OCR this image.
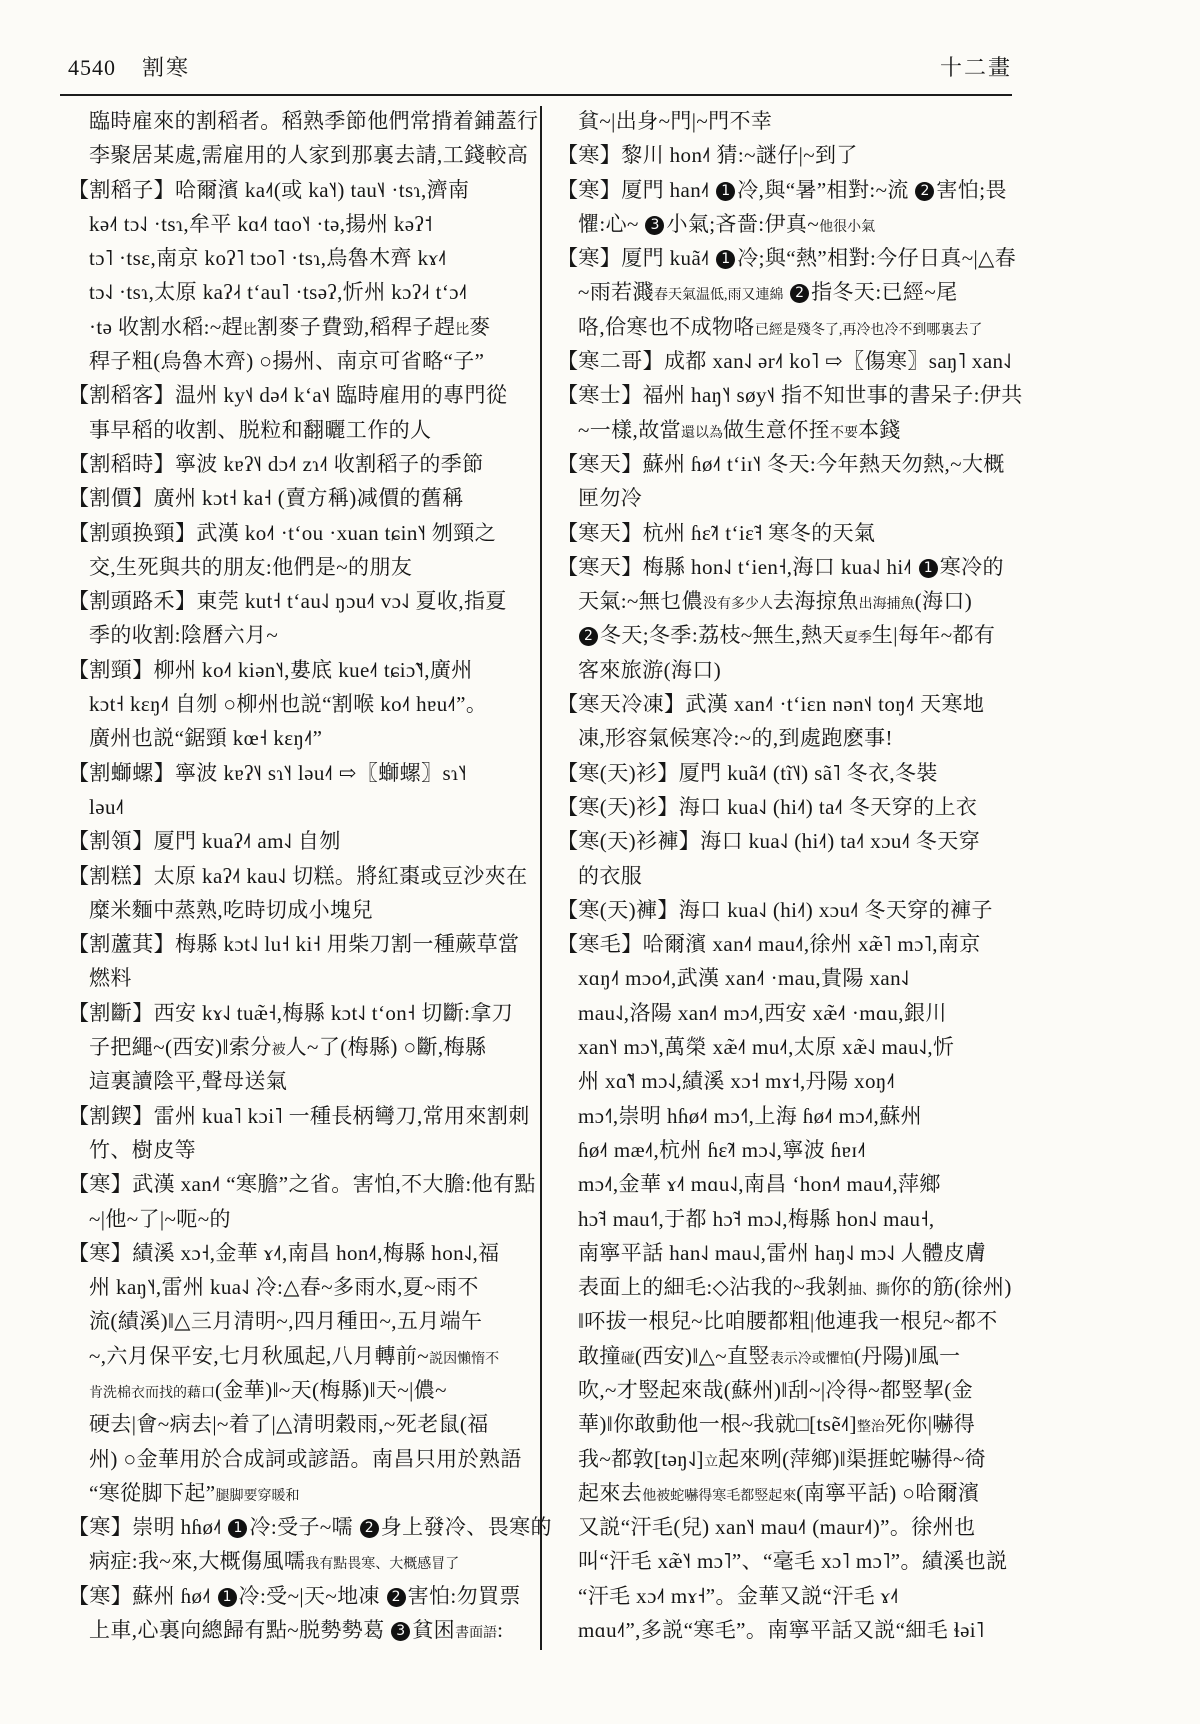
4540 割寒	十二畫
臨時雇來的割稻者。稻熟季節他們常揹着鋪蓋行
李聚居某處,需雇用的人家到那裏去請,工錢較高
【割稻子】哈爾濱 ka˨˦(或 ka˥˧) tau˥˨ ·tsɿ,濟南
kə˨˦ tɔ˨˩ ·tsɿ,牟平 kɑ˨˦ tɑo˥˧ ·tə,揚州 kəʔ˦
tɔ˥ ·tsɛ,南京 koʔ˥ tɔo˥ ·tsɿ,烏魯木齊 kɤ˨˦
tɔ˨˩ ·tsɿ,太原 kaʔ˨˧ tʻau˥ ·tsəʔ,忻州 kɔʔ˨˧ tʻɔ˨˦
·tə 收割水稻:~趕比割麥子費勁,稻稈子趕比麥
稈子粗(烏魯木齊) ○揚州、南京可省略“子”
【割稻客】温州 ky˦˨ də˨˦ kʻa˦˨ 臨時雇用的專門從
事早稻的收割、脱粒和翻曬工作的人
【割稻時】寧波 kɐʔ˥˨ dɔ˨˦ zɿ˨˦ 收割稻子的季節
【割價】廣州 kɔt˧ ka˧ (賣方稱)减價的舊稱
【割頭换頸】武漢 ko˨˦ ·tʻou ·xuan tɕin˥˧ 刎頸之
交,生死與共的朋友:他們是~的朋友
【割頭路禾】東莞 kut˧ tʻau˨˩ ŋɔu˨˦ vɔ˨˩ 夏收,指夏
季的收割:陰曆六月~
【割頸】柳州 ko˨˦ kiən˥˧,婁底 kue˨˦ tɕiɔ̃˥˧,廣州
kɔt˧ kɛŋ˨˦ 自刎 ○柳州也説“割喉 ko˨˦ hɐu˨˦”。
廣州也説“鋸頸 kœ˧ kɛŋ˨˦”
【割螄螺】寧波 kɐʔ˥˨ sɿ˥˧ ləu˨˦ ⇨〖螄螺〗sɿ˥˧
ləu˨˦
【割領】厦門 kuaʔ˨˦ am˨˩ 自刎
【割糕】太原 kaʔ˨˦ kau˨˩ 切糕。將紅棗或豆沙夾在
糜米麵中蒸熟,吃時切成小塊兒
【割蘆萁】梅縣 kɔt˨˩ lu˧ ki˧ 用柴刀割一種蕨草當
燃料
【割斷】西安 kɤ˨˩ tuæ̃˧,梅縣 kɔt˨˩ tʻon˧ 切斷:拿刀
子把繩~(西安)‖索分被人~了(梅縣) ○斷,梅縣
這裏讀陰平,聲母送氣
【割鍥】雷州 kua˥ kɔi˥ 一種長柄彎刀,常用來割刺
竹、樹皮等
【寒】武漢 xan˨˦ “寒膽”之省。害怕,不大膽:他有點
~|他~了|~呃~的
【寒】績溪 xɔ˧,金華 ɤ˨˦,南昌 hon˨˦,梅縣 hon˨˩,福
州 kaŋ˥˧,雷州 kua˨˩ 冷:△春~多雨水,夏~雨不
流(績溪)‖△三月清明~,四月種田~,五月端午
~,六月保平安,七月秋風起,八月轉前~説因懶惰不
肯洗棉衣而找的藉口(金華)‖~天(梅縣)‖天~|儂~
硬去|會~病去|~着了|△清明穀雨,~死老鼠(福
州) ○金華用於合成詞或諺語。南昌只用於熟語
“寒從脚下起”腿脚要穿暖和
【寒】崇明 hɦø˨˦ 1 冷:受子~嚅 2 身上發冷、畏寒的
病症:我~來,大概傷風嚅我有點畏寒、大概感冒了
【寒】蘇州 ɦø˨˦ 1 冷:受~|天~地凍 2 害怕:勿買票
上車,心裏向總歸有點~脱勢勢葛 3 貧困書面語:
貧~|出身~門|~門不幸
【寒】黎川 hon˨˦ 猜:~謎仔|~到了
【寒】厦門 han˨˦ 1 冷,與“暑”相對:~流 2 害怕;畏
懼:心~ 3 小氣;吝嗇:伊真~他很小氣
【寒】厦門 kuã˨˦ 1 冷;與“熱”相對:今仔日真~|△春
~雨若濺春天氣温低,雨又連綿 2 指冬天:已經~尾
咯,佮寒也不成物咯已經是殘冬了,再冷也冷不到哪裏去了
【寒二哥】成都 xan˨˩ ər˨˦ ko˥ ⇨〖傷寒〗saŋ˥ xan˨˩
【寒士】福州 haŋ˥˧ søy˦˨ 指不知世事的書呆子:伊共
~一樣,故當還以為做生意伓挃不要本錢
【寒天】蘇州 ɦø˨˦ tʻiɪ˥˧ 冬天:今年熱天勿熱,~大概
匣勿冷
【寒天】杭州 ɦɛ̃˨˦ tʻiɛ̃˧ 寒冬的天氣
【寒天】梅縣 hon˨˩ tʻien˧,海口 kua˨˩ hi˨˦ 1 寒冷的
天氣:~無乜儂没有多少人去海掠魚出海捕魚(海口)
2 冬天;冬季:荔枝~無生,熱天夏季生|每年~都有
客來旅游(海口)
【寒天冷凍】武漢 xan˨˦ ·tʻiɛn nən˦˨ toŋ˨˦ 天寒地
凍,形容氣候寒冷:~的,到處跑麽事!
【寒(天)衫】厦門 kuã˨˦ (tĩ˥˨) sã˥ 冬衣,冬裝
【寒(天)衫】海口 kua˨˩ (hi˨˦) ta˨˦ 冬天穿的上衣
【寒(天)衫褲】海口 kua˨˩ (hi˨˦) ta˨˦ xɔu˨˦ 冬天穿
的衣服
【寒(天)褲】海口 kua˨˩ (hi˨˦) xɔu˨˦ 冬天穿的褲子
【寒毛】哈爾濱 xan˨˦ mau˨˦,徐州 xæ̃˥ mɔ˥,南京
xɑŋ˨˦ mɔo˨˦,武漢 xan˨˦ ·mau,貴陽 xan˨˩
mau˨˩,洛陽 xan˨˦ mɔ˨˦,西安 xæ̃˨˦ ·mɑu,銀川
xan˥˧ mɔ˥˧,萬榮 xæ̃˨˦ mu˨˦,太原 xæ̃˨˩ mau˨˩,忻
州 xɑ̃˥˧ mɔ˨˩,績溪 xɔ˧ mɤ˧,丹陽 xoŋ˨˦
mɔ˧˥,崇明 hɦø˨˦ mɔ˧˥,上海 ɦø˨˦ mɔ˨˦,蘇州
ɦø˨˦ mæ˨˦,杭州 ɦɛ̃˨˦ mɔ˨˩,寧波 ɦɐɪ˨˦
mɔ˨˦,金華 ɤ˨˦ mɑu˨˩,南昌 ʻhon˨˦ mau˨˦,萍鄉
hɔ̃˧ mau˧˥,于都 hɔ̃˧ mɔ˨˩,梅縣 hon˨˩ mau˧,
南寧平話 han˨˩ mau˨˩,雷州 haŋ˨˩ mɔ˨˩ 人體皮膚
表面上的細毛:◇沾我的~我剝抽、撕你的筋(徐州)
‖吥拔一根兒~比咱腰都粗|他連我一根兒~都不
敢撞碰(西安)‖△~直竪表示冷或懼怕(丹陽)‖風一
吹,~才竪起來哉(蘇州)‖刮~|冷得~都竪挈(金
華)‖你敢動他一根~我就□[tsẽ˨˦]整治死你|嚇得
我~都敦[təŋ˨˩]立起來咧(萍鄉)‖渠捱蛇嚇得~徛
起來去他被蛇嚇得寒毛都竪起來(南寧平話) ○哈爾濱
又説“汗毛(兒) xan˥˧ mau˨˦ (maur˨˦)”。徐州也
叫“汗毛 xæ̃˥˧ mɔ˥”、“毫毛 xɔ˥ mɔ˥”。績溪也説
“汗毛 xɔ˨˦ mɤ˧”。金華又説“汗毛 ɤ˨˦
mɑu˨˦”,多説“寒毛”。南寧平話又説“細毛 ɬəi˥
